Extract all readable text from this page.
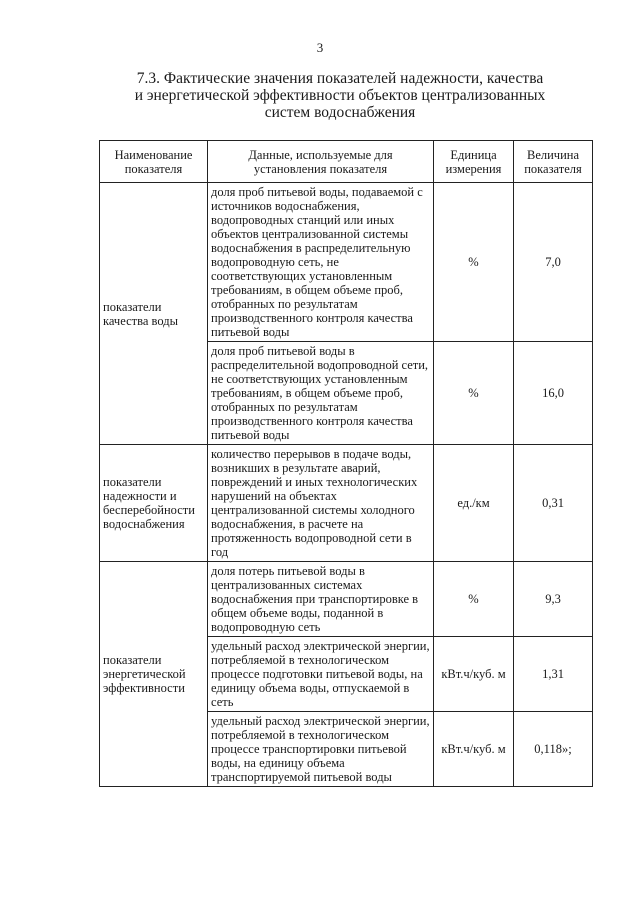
3
7.3. Фактические значения показателей надежности, качества
и энергетической эффективности объектов централизованных
систем водоснабжения
Наименование показателя	Данные, используемые для установления показателя	Единица измерения	Величина показателя
показатели качества воды	доля проб питьевой воды, подаваемой с источников водоснабжения, водопроводных станций или иных объектов централизованной системы водоснабжения в распределительную водопроводную сеть, не соответствующих установленным требованиям, в общем объеме проб, отобранных по результатам производственного контроля качества питьевой воды	%	7,0
	доля проб питьевой воды в распределительной водопроводной сети, не соответствующих установленным требованиям, в общем объеме проб, отобранных по результатам производственного контроля качества питьевой воды	%	16,0
показатели надежности и бесперебойности водоснабжения	количество перерывов в подаче воды, возникших в результате аварий, повреждений и иных технологических нарушений на объектах централизованной системы холодного водоснабжения, в расчете на протяженность водопроводной сети в год	ед./км	0,31
показатели энергетической эффективности	доля потерь питьевой воды в централизованных системах водоснабжения при транспортировке в общем объеме воды, поданной в водопроводную сеть	%	9,3
	удельный расход электрической энергии, потребляемой в технологическом процессе подготовки питьевой воды, на единицу объема воды, отпускаемой в сеть	кВт.ч/куб. м	1,31
	удельный расход электрической энергии, потребляемой в технологическом процессе транспортировки питьевой воды, на единицу объема транспортируемой питьевой воды	кВт.ч/куб. м	0,118»;
